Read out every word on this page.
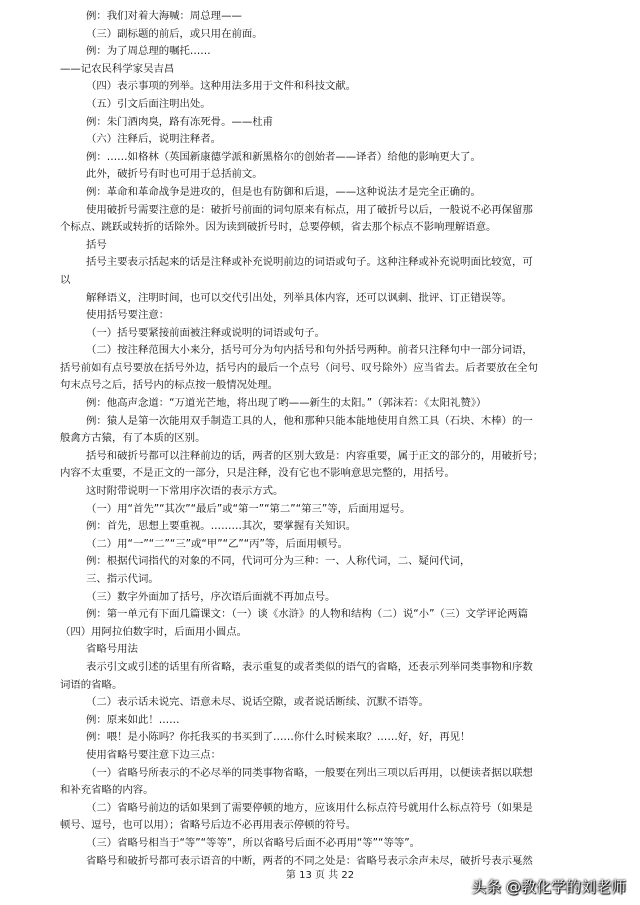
例：我们对着大海喊：周总理——
（三）副标题的前后，或只用在前面。
例：为了周总理的嘱托……
——记农民科学家吴吉昌
（四）表示事项的列举。这种用法多用于文件和科技文献。
（五）引文后面注明出处。
例：朱门酒肉臭，路有冻死骨。——杜甫
（六）注释后，说明注释者。
例：……如格林（英国新康德学派和新黑格尔的创始者——译者）给他的影响更大了。
此外，破折号有时也可用于总括前文。
例：革命和革命战争是进攻的，但是也有防御和后退，——这种说法才是完全正确的。
使用破折号需要注意的是：破折号前面的词句原来有标点，用了破折号以后，一般说不必再保留那
个标点、跳跃或转折的话除外。因为读到破折号时，总要停顿，省去那个标点不影响理解语意。
括号
括号主要表示括起来的话是注释或补充说明前边的词语或句子。这种注释或补充说明面比较宽，可
以
解释语义，注明时间，也可以交代引出处，列举具体内容，还可以讽刺、批评、订正错误等。
使用括号要注意：
（一）括号要紧接前面被注释或说明的词语或句子。
（二）按注释范围大小来分，括号可分为句内括号和句外括号两种。前者只注释句中一部分词语，
括号前如有点号要放在括号外边，括号内的最后一个点号（问号、叹号除外）应当省去。后者要放在全句
句末点号之后，括号内的标点按一般情况处理。
例：他高声念道：“万道光芒地，将出现了哟——新生的太阳。”（郭沫若：《太阳礼赞》）
例：猿人是第一次能用双手制造工具的人，他和那种只能本能地使用自然工具（石块、木棒）的一
般禽方古猿，有了本质的区别。
括号和破折号都可以注释前边的话，两者的区别大致是：内容重要，属于正文的部分的，用破折号；
内容不太重要，不是正文的一部分，只是注释，没有它也不影响意思完整的，用括号。
这时附带说明一下常用序次语的表示方式。
（一）用“首先”“其次”“最后”或“第一”“第二”“第三”等，后面用逗号。
例：首先，思想上要重视。………其次，要掌握有关知识。
（二）用“一”“二”“三”或“甲”“乙”“丙”等，后面用顿号。
例：根据代词指代的对象的不同，代词可分为三种：一、人称代词，二、疑问代词，
三、指示代词。
（三）数字外面加了括号，序次语后面就不再加点号。
例：第一单元有下面几篇课文：（一）谈《水浒》的人物和结构（二）说“小”（三）文学评论两篇
（四）用阿拉伯数字时，后面用小圆点。
省略号用法
表示引文或引述的话里有所省略，表示重复的或者类似的语气的省略，还表示列举同类事物和序数
词语的省略。
（二）表示话未说完、语意未尽、说话空隙，或者说话断续、沉默不语等。
例：原来如此！……
例：喂！是小陈吗？你托我买的书买到了……你什么时候来取？……好，好，再见！
使用省略号要注意下边三点：
（一）省略号所表示的不必尽举的同类事物省略，一般要在列出三项以后再用，以便读者据以联想
和补充省略的内容。
（二）省略号前边的话如果到了需要停顿的地方，应该用什么标点符号就用什么标点符号（如果是
顿号、逗号，也可以用）；省略号后边不必再用表示停顿的符号。
（三）省略号相当于“等”“等等”，所以省略号后面不必再用“等”“等等”。
省略号和破折号都可表示语音的中断，两者的不同之处是：省略号表示余声未尽，破折号表示戛然
第 13 页 共 22
头条 @教化学的刘老师
